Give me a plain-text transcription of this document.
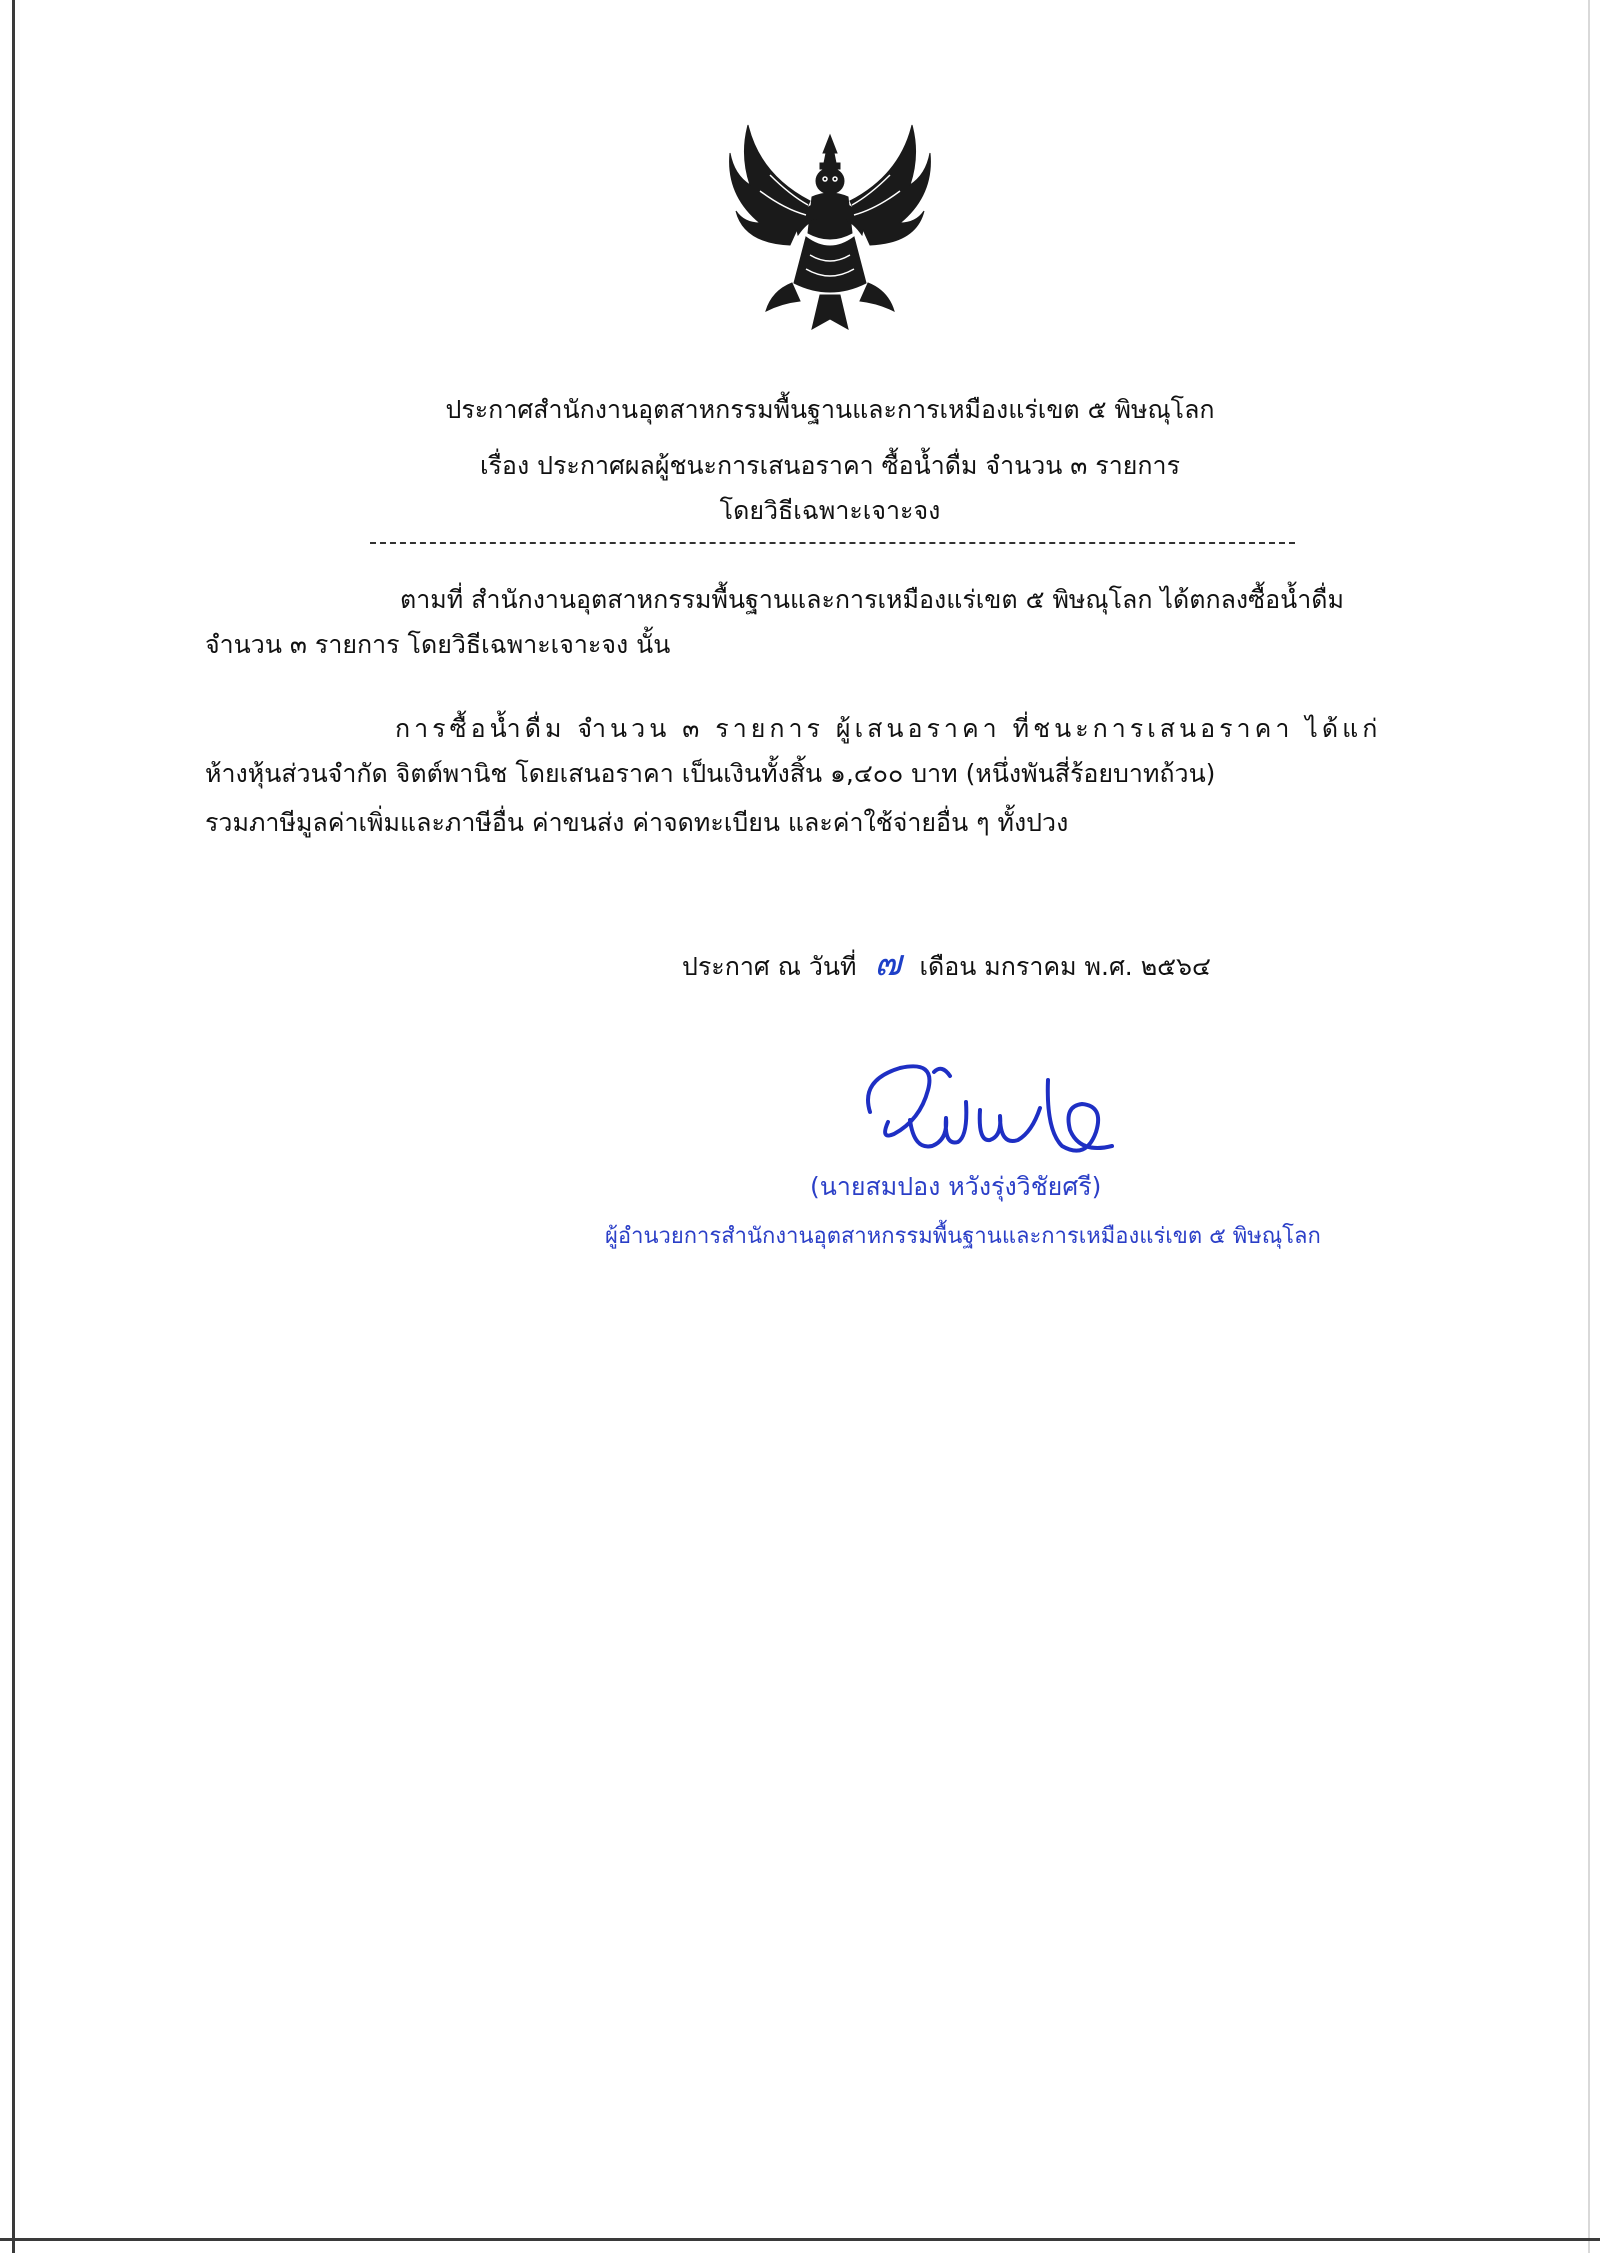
ประกาศสำนักงานอุตสาหกรรมพื้นฐานและการเหมืองแร่เขต ๕ พิษณุโลก
เรื่อง ประกาศผลผู้ชนะการเสนอราคา ซื้อน้ำดื่ม จำนวน ๓ รายการ
โดยวิธีเฉพาะเจาะจง
ตามที่ สำนักงานอุตสาหกรรมพื้นฐานและการเหมืองแร่เขต ๕ พิษณุโลก ได้ตกลงซื้อน้ำดื่ม
จำนวน ๓ รายการ โดยวิธีเฉพาะเจาะจง นั้น
การซื้อน้ำดื่ม จำนวน ๓ รายการ ผู้เสนอราคา ที่ชนะการเสนอราคา ได้แก่
ห้างหุ้นส่วนจำกัด จิตต์พานิช โดยเสนอราคา เป็นเงินทั้งสิ้น ๑,๔๐๐ บาท (หนึ่งพันสี่ร้อยบาทถ้วน)
รวมภาษีมูลค่าเพิ่มและภาษีอื่น ค่าขนส่ง ค่าจดทะเบียน และค่าใช้จ่ายอื่น ๆ ทั้งปวง
ประกาศ ณ วันที่ ๗ เดือน มกราคม พ.ศ. ๒๕๖๔
(นายสมปอง หวังรุ่งวิชัยศรี)
ผู้อำนวยการสำนักงานอุตสาหกรรมพื้นฐานและการเหมืองแร่เขต ๕ พิษณุโลก
